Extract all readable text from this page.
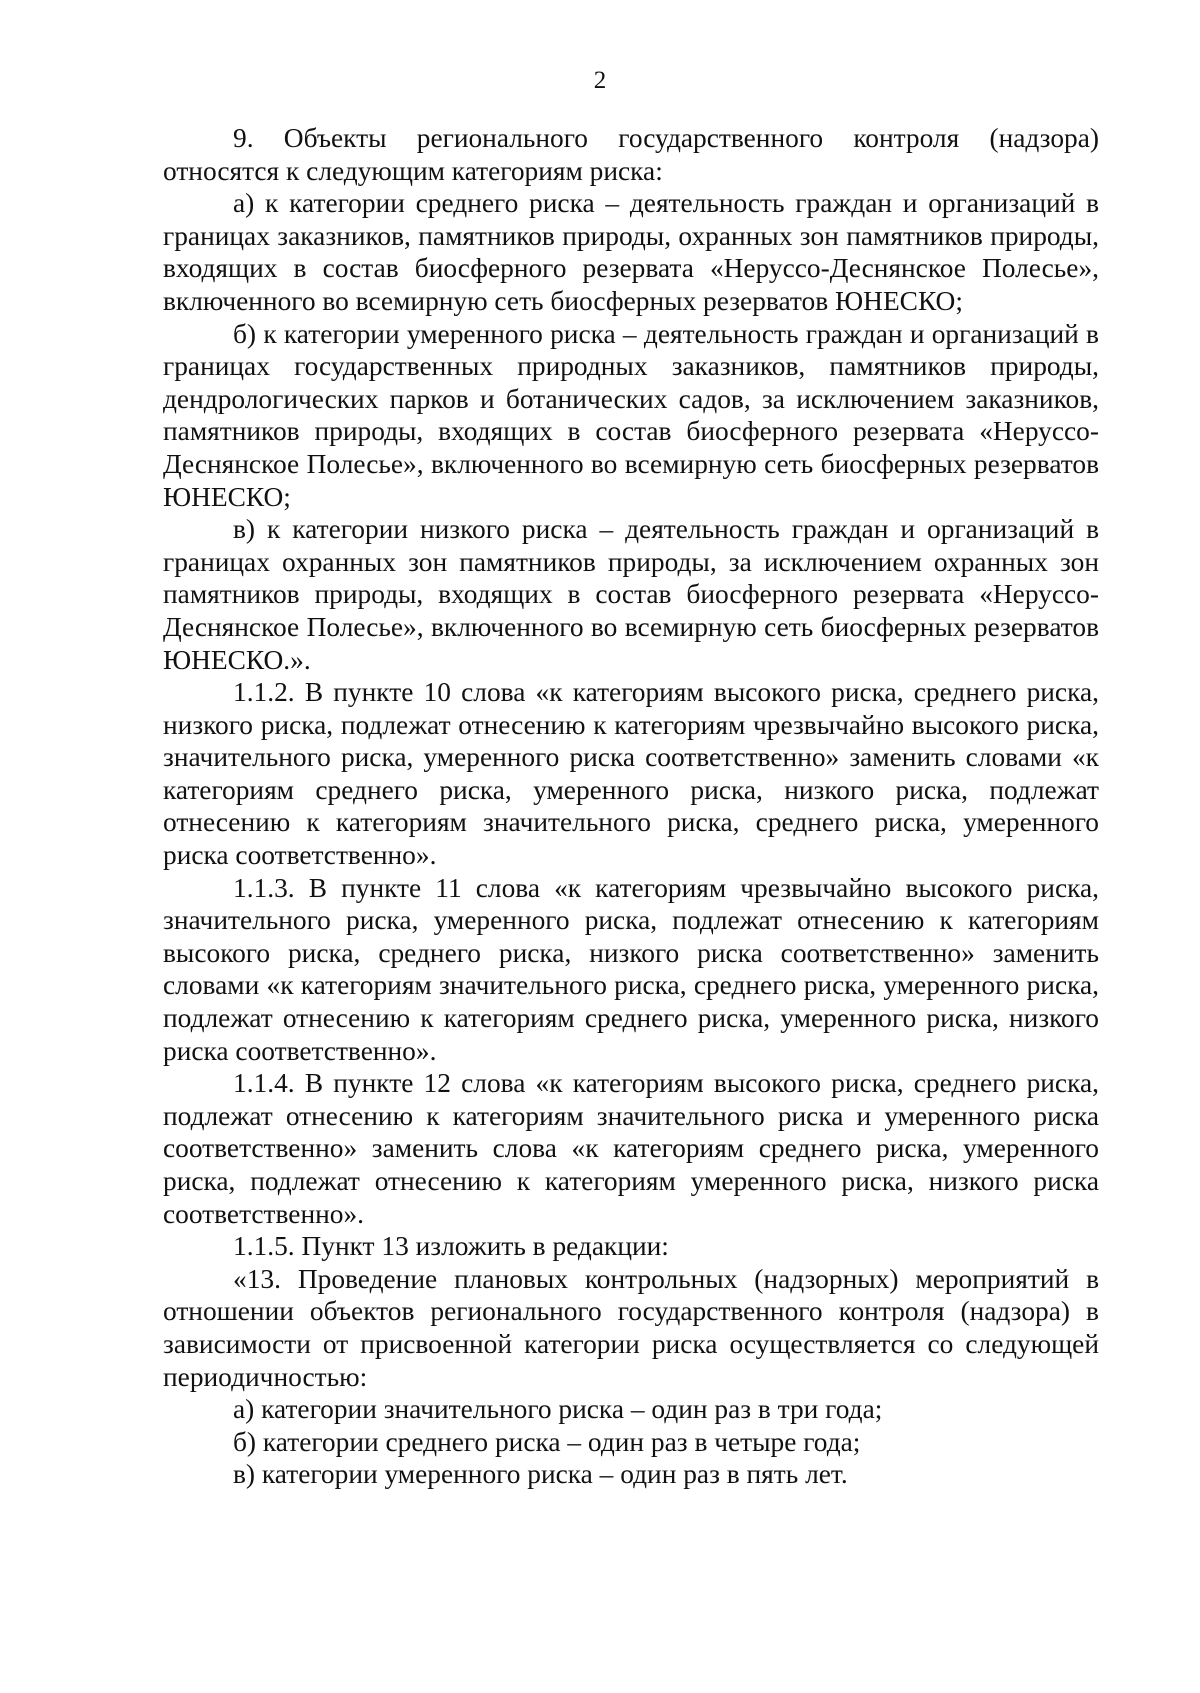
2

9. Объекты регионального государственного контроля (надзора) относятся к следующим категориям риска:

а) к категории среднего риска – деятельность граждан и организаций в границах заказников, памятников природы, охранных зон памятников природы, входящих в состав биосферного резервата «Неруссо-Деснянское Полесье», включенного во всемирную сеть биосферных резерватов ЮНЕСКО;

б) к категории умеренного риска – деятельность граждан и организаций в границах государственных природных заказников, памятников природы, дендрологических парков и ботанических садов, за исключением заказников, памятников природы, входящих в состав биосферного резервата «Неруссо-Деснянское Полесье», включенного во всемирную сеть биосферных резерватов ЮНЕСКО;

в) к категории низкого риска – деятельность граждан и организаций в границах охранных зон памятников природы, за исключением охранных зон памятников природы, входящих в состав биосферного резервата «Неруссо-Деснянское Полесье», включенного во всемирную сеть биосферных резерватов ЮНЕСКО.».

1.1.2. В пункте 10 слова «к категориям высокого риска, среднего риска, низкого риска, подлежат отнесению к категориям чрезвычайно высокого риска, значительного риска, умеренного риска соответственно» заменить словами «к категориям среднего риска, умеренного риска, низкого риска, подлежат отнесению к категориям значительного риска, среднего риска, умеренного риска соответственно».

1.1.3. В пункте 11 слова «к категориям чрезвычайно высокого риска, значительного риска, умеренного риска, подлежат отнесению к категориям высокого риска, среднего риска, низкого риска соответственно» заменить словами «к категориям значительного риска, среднего риска, умеренного риска, подлежат отнесению к категориям среднего риска, умеренного риска, низкого риска соответственно».

1.1.4. В пункте 12 слова «к категориям высокого риска, среднего риска, подлежат отнесению к категориям значительного риска и умеренного риска соответственно» заменить слова «к категориям среднего риска, умеренного риска, подлежат отнесению к категориям умеренного риска, низкого риска соответственно».

1.1.5. Пункт 13 изложить в редакции:

«13. Проведение плановых контрольных (надзорных) мероприятий в отношении объектов регионального государственного контроля (надзора) в зависимости от присвоенной категории риска осуществляется со следующей периодичностью:

а) категории значительного риска – один раз в три года;

б) категории среднего риска – один раз в четыре года;

в) категории умеренного риска – один раз в пять лет.
